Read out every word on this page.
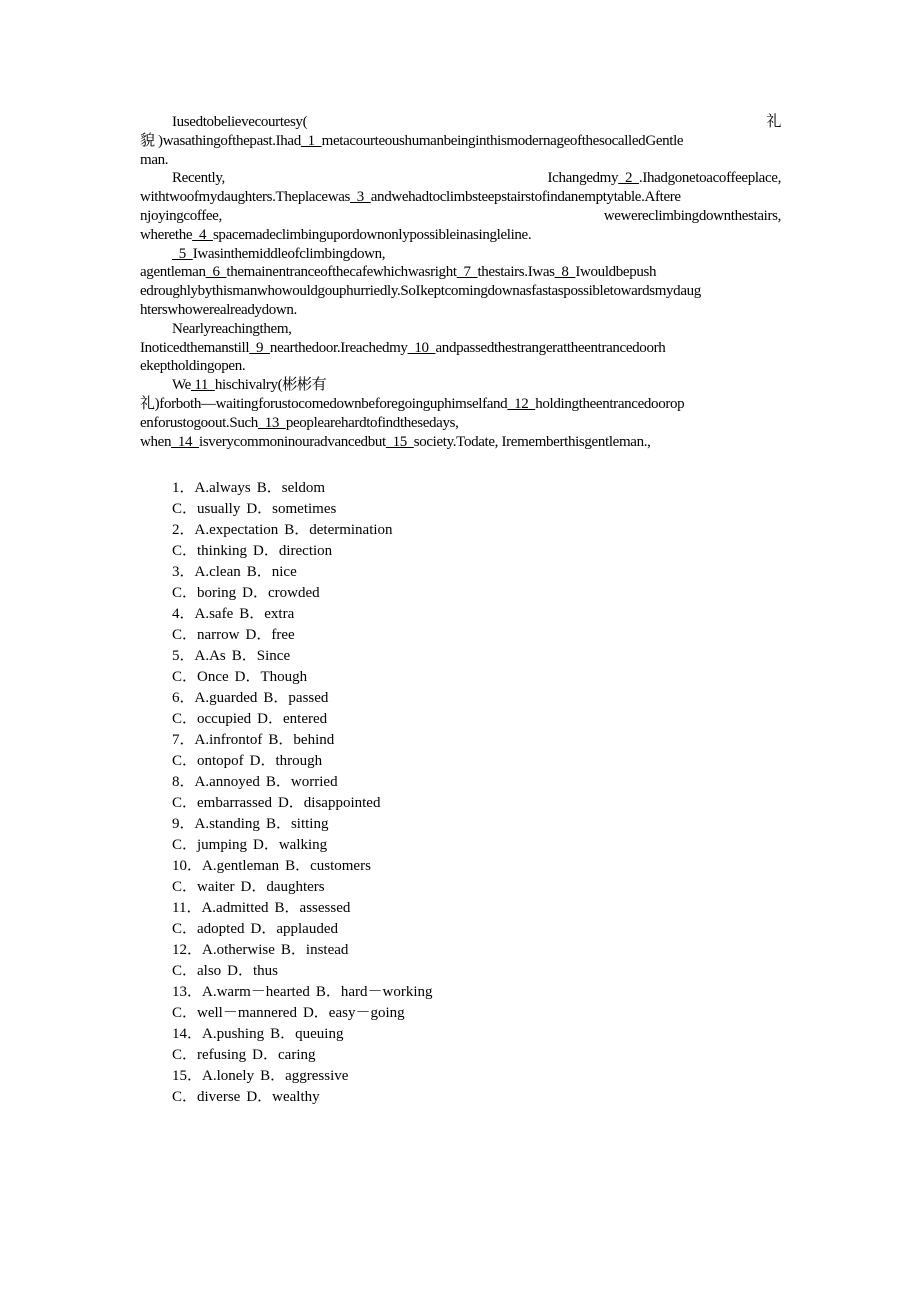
Iusedtobelievecourtesy(	礼
貌 )wasathingofthepast.Ihad  1  metacourteoushumanbeinginthismodernageofthesocalledGentle
man.
Recently,	Ichangedmy  2  .Ihadgonetoacoffeeplace,
withtwoofmydaughters.Theplacewas  3  andwehadtoclimbsteepstairstofindanemptytable.Aftere
njoyingcoffee,	wewereclimbingdownthestairs,
wherethe  4  spacemadeclimbingupordownonlypossibleinasingleline.
5  Iwasinthemiddleofclimbingdown,
agentleman  6  themainentranceofthecafewhichwasright  7  thestairs.Iwas  8  Iwouldbepush
edroughlybythismanwhowouldgouphurriedly.SoIkeptcomingdownasfastaspossibletowardsmydaug
hterswhowerealreadydown.
Nearlyreachingthem,
Inoticedthemanstill  9  nearthedoor.Ireachedmy  10  andpassedthestrangerattheentrancedoorh
ekeptholdingopen.
We 11  hischivalry(彬彬有
礼)forboth—waitingforustocomedownbeforegoinguphimselfand  12  holdingtheentrancedoorop
enforustogoout.Such  13  peoplearehardtofindthesedays,
when  14  isverycommoninouradvancedbut  15  society.Todate, Irememberthisgentleman.,
1．A.always B．seldom
C．usually D．sometimes
2．A.expectation B．determination
C．thinking D．direction
3．A.clean B．nice
C．boring D．crowded
4．A.safe B．extra
C．narrow D．free
5．A.As B．Since
C．Once D．Though
6．A.guarded B．passed
C．occupied D．entered
7．A.infrontof B．behind
C．ontopof D．through
8．A.annoyed B．worried
C．embarrassed D．disappointed
9．A.standing B．sitting
C．jumping D．walking
10．A.gentleman B．customers
C．waiter D．daughters
11．A.admitted B．assessed
C．adopted D．applauded
12．A.otherwise B．instead
C．also D．thus
13．A.warm－hearted B．hard－working
C．well－mannered D．easy－going
14．A.pushing B．queuing
C．refusing D．caring
15．A.lonely B．aggressive
C．diverse D．wealthy
